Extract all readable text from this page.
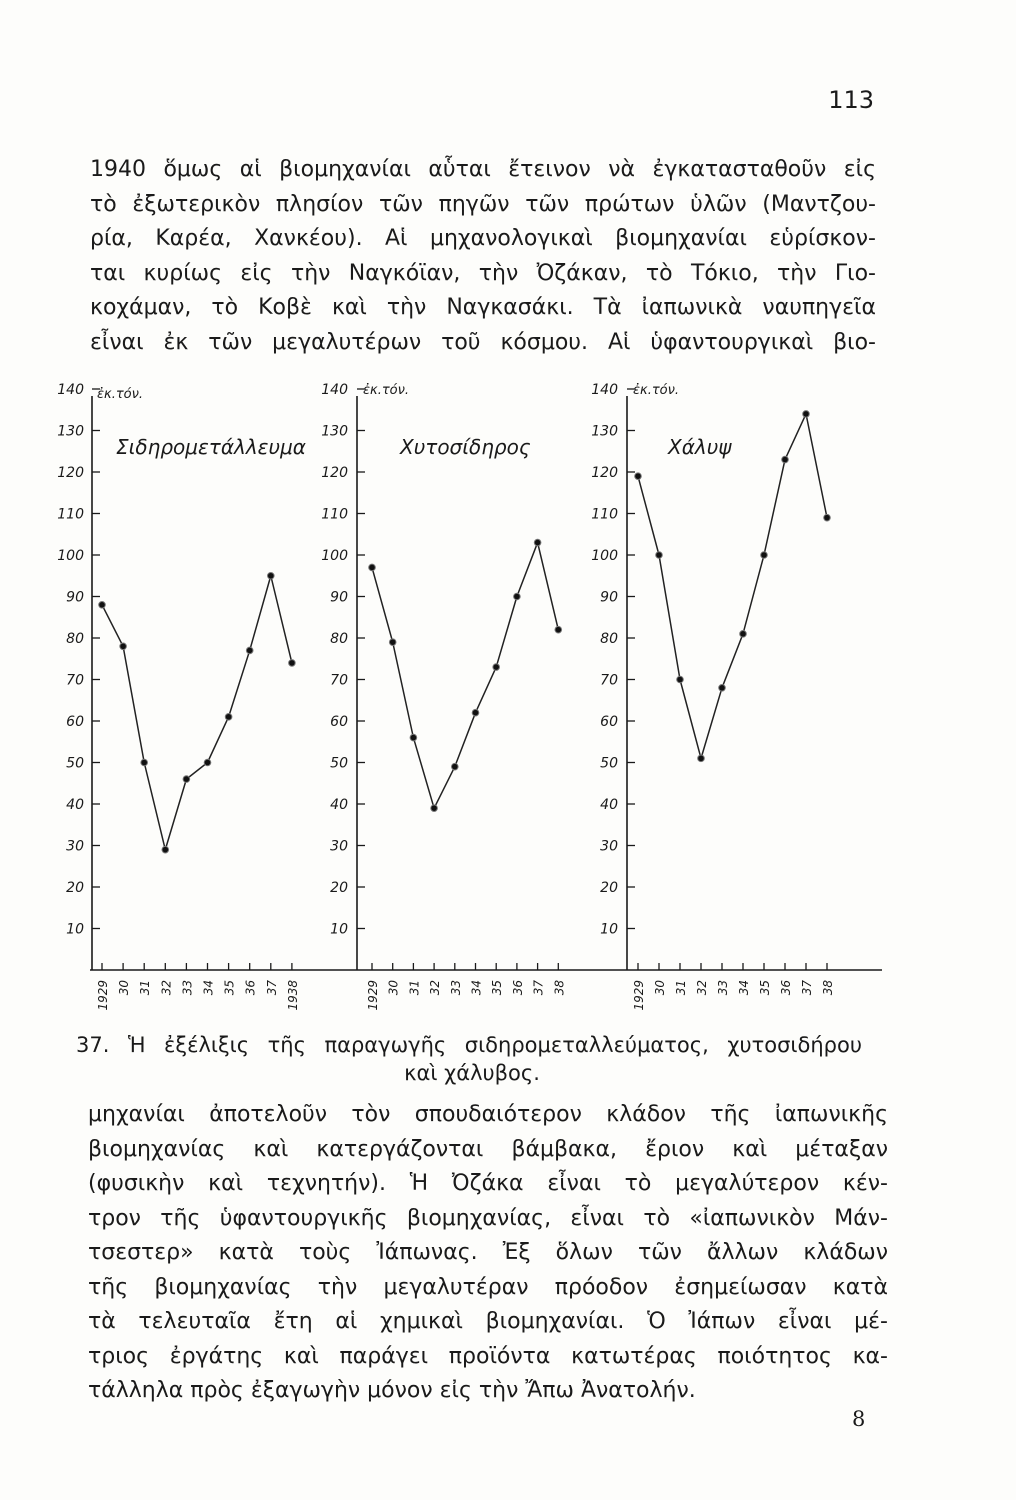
113
1940 ὅμως αἱ βιομηχανίαι αὗται ἔτεινον νὰ ἐγκατασταθοῦν εἰς
τὸ ἐξωτερικὸν πλησίον τῶν πηγῶν τῶν πρώτων ὑλῶν (Μαντζου-
ρία, Καρέα, Χανκέου). Αἱ μηχανολογικαὶ βιομηχανίαι εὑρίσκον-
ται κυρίως εἰς τὴν Ναγκόϊαν, τὴν Ὀζάκαν, τὸ Τόκιο, τὴν Γιο-
κοχάμαν, τὸ Κοβὲ καὶ τὴν Ναγκασάκι. Τὰ ἰαπωνικὰ ναυπηγεῖα
εἶναι ἐκ τῶν μεγαλυτέρων τοῦ κόσμου. Αἱ ὑφαντουργικαὶ βιο-
140
130
120
110
100
90
80
70
60
50
40
30
20
10
ἐκ.τόν.
Σιδηρομετάλλευμα
1929 30 31 32 33 34 35 36 37 1938
140
130
120
110
100
90
80
70
60
50
40
30
20
10
ἐκ.τόν.
Χυτοσίδηρος
1929 30 31 32 33 34 35 36 37 38
140
130
120
110
100
90
80
70
60
50
40
30
20
10
ἐκ.τόν.
Χάλυψ
1929 30 31 32 33 34 35 36 37 38
37. Ἡ ἐξέλιξις τῆς παραγωγῆς σιδηρομεταλλεύματος, χυτοσιδήρου
καὶ χάλυβος.
μηχανίαι ἀποτελοῦν τὸν σπουδαιότερον κλάδον τῆς ἰαπωνικῆς
βιομηχανίας καὶ κατεργάζονται βάμβακα, ἔριον καὶ μέταξαν
(φυσικὴν καὶ τεχνητήν). Ἡ Ὀζάκα εἶναι τὸ μεγαλύτερον κέν-
τρον τῆς ὑφαντουργικῆς βιομηχανίας, εἶναι τὸ «ἰαπωνικὸν Μάν-
τσεστερ» κατὰ τοὺς Ἰάπωνας. Ἐξ ὅλων τῶν ἄλλων κλάδων
τῆς βιομηχανίας τὴν μεγαλυτέραν πρόοδον ἐσημείωσαν κατὰ
τὰ τελευταῖα ἔτη αἱ χημικαὶ βιομηχανίαι. Ὁ Ἰάπων εἶναι μέ-
τριος ἐργάτης καὶ παράγει προϊόντα κατωτέρας ποιότητος κα-
τάλληλα πρὸς ἐξαγωγὴν μόνον εἰς τὴν Ἄπω Ἀνατολήν.
8
